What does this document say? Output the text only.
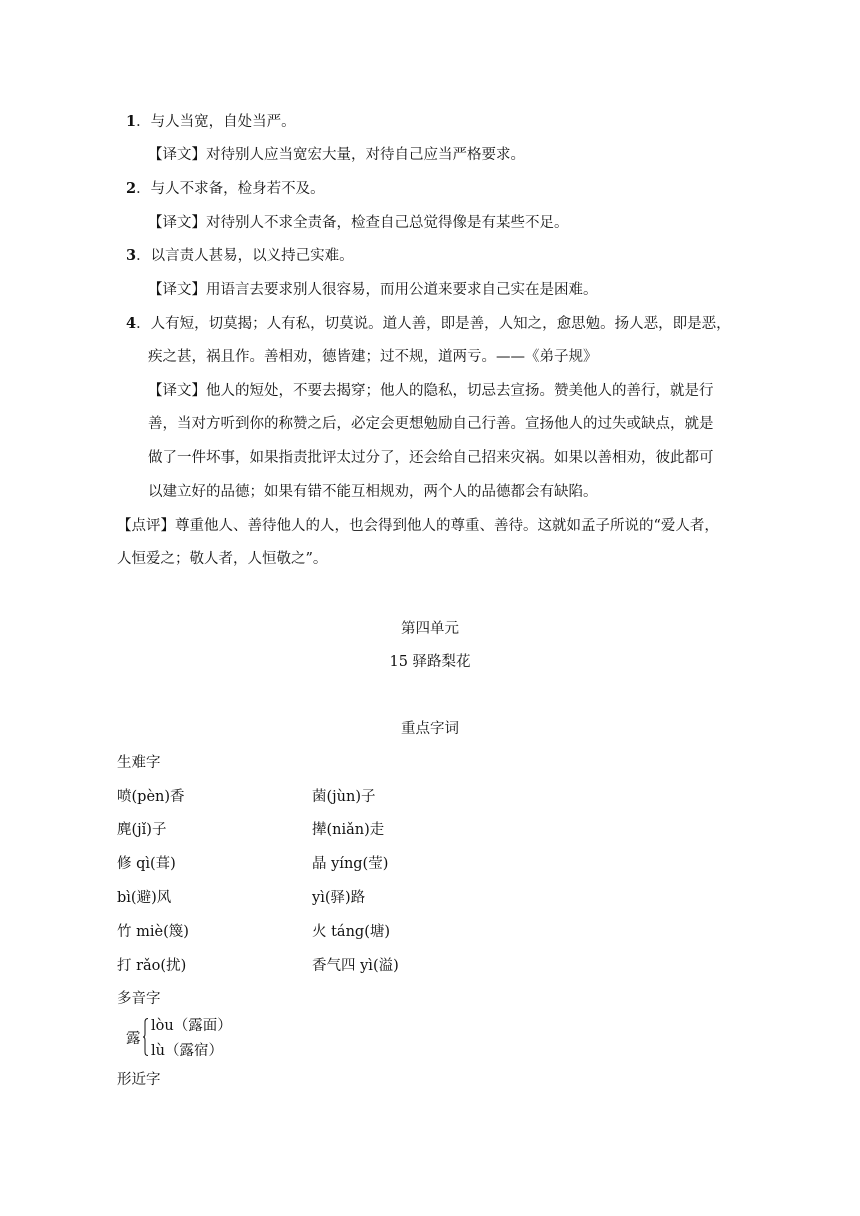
1．与人当宽，自处当严。
【译文】对待别人应当宽宏大量，对待自己应当严格要求。
2．与人不求备，检身若不及。
【译文】对待别人不求全责备，检查自己总觉得像是有某些不足。
3．以言责人甚易，以义持己实难。
【译文】用语言去要求别人很容易，而用公道来要求自己实在是困难。
4．人有短，切莫揭；人有私，切莫说。道人善，即是善，人知之，愈思勉。扬人恶，即是恶，
疾之甚，祸且作。善相劝，德皆建；过不规，道两亏。——《弟子规》
【译文】他人的短处，不要去揭穿；他人的隐私，切忌去宣扬。赞美他人的善行，就是行
善，当对方听到你的称赞之后，必定会更想勉励自己行善。宣扬他人的过失或缺点，就是
做了一件坏事，如果指责批评太过分了，还会给自己招来灾祸。如果以善相劝，彼此都可
以建立好的品德；如果有错不能互相规劝，两个人的品德都会有缺陷。
【点评】尊重他人、善待他人的人，也会得到他人的尊重、善待。这就如孟子所说的“爱人者，
人恒爱之；敬人者，人恒敬之”。
第四单元
15 驿路梨花
重点字词
生难字
喷(pèn)香	菌(jùn)子
麂(jǐ)子	撵(niǎn)走
修 qì(葺)	晶 yíng(莹)
bì(避)风	yì(驿)路
竹 miè(篾)	火 táng(塘)
打 rǎo(扰)	香气四 yì(溢)
多音字
露
lòu（露面）
lù（露宿）
形近字
